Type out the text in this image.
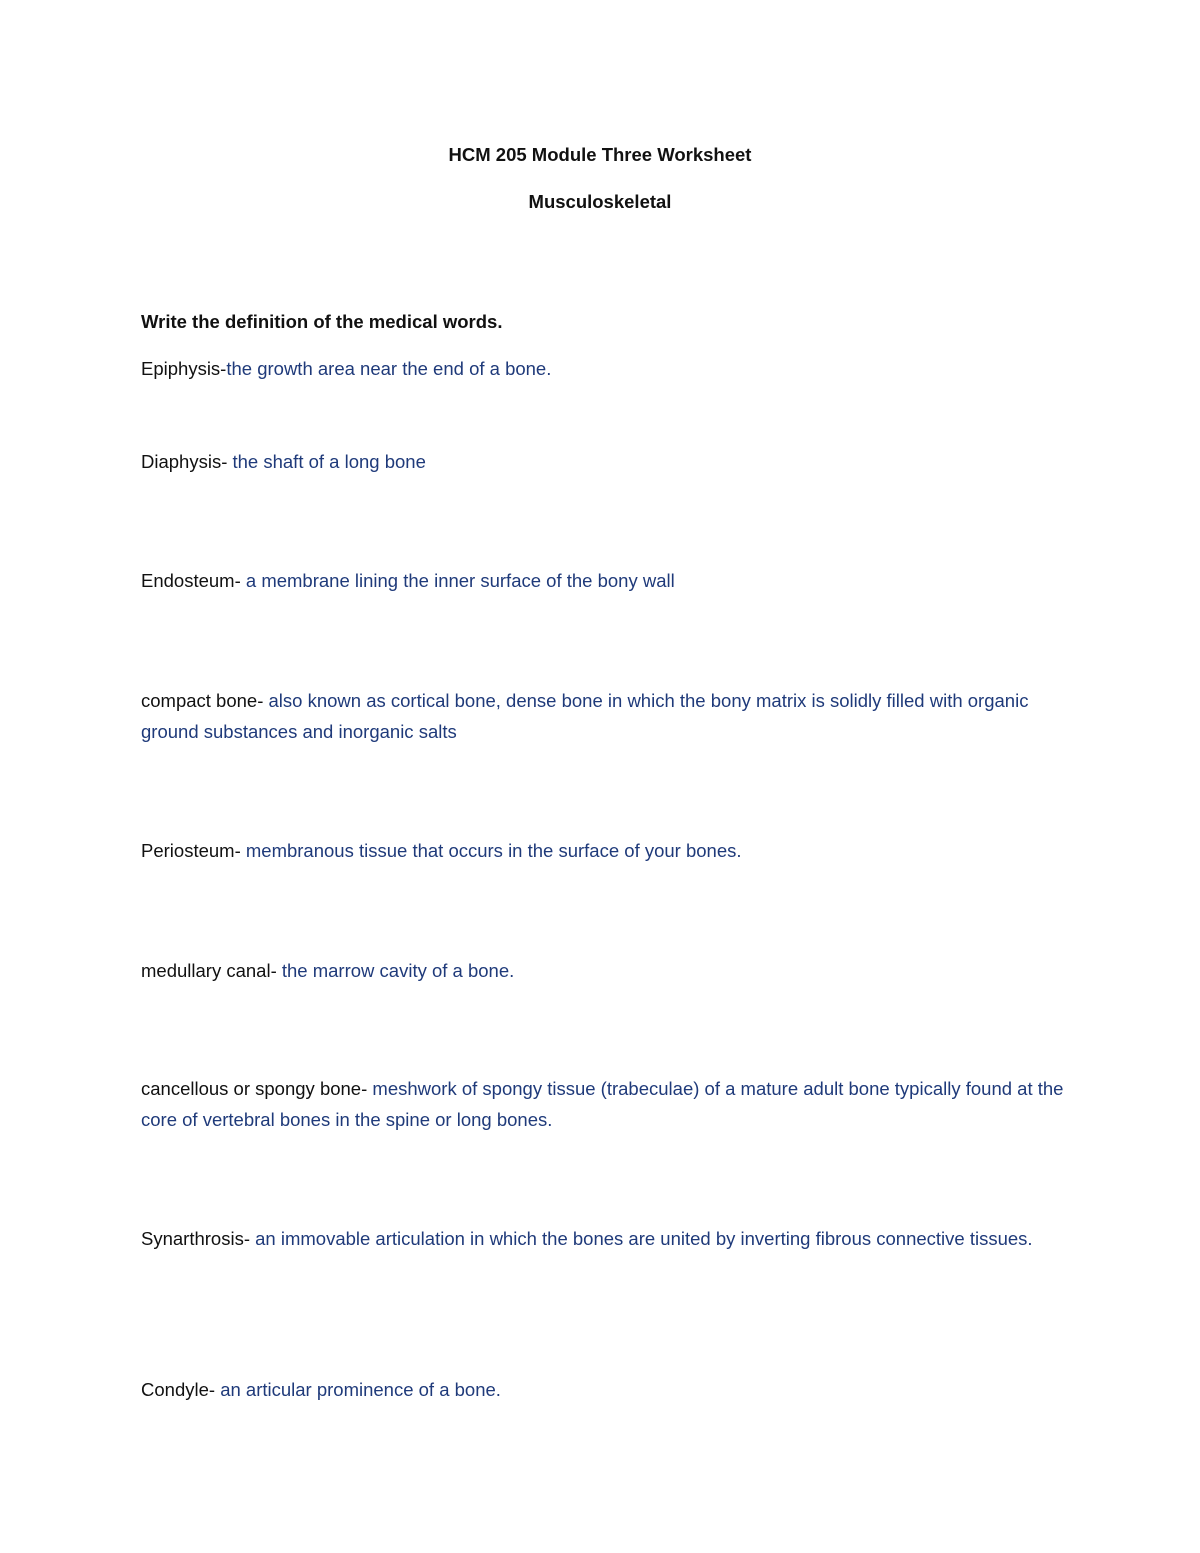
HCM 205 Module Three Worksheet
Musculoskeletal
Write the definition of the medical words.
Epiphysis-the growth area near the end of a bone.
Diaphysis- the shaft of a long bone
Endosteum- a membrane lining the inner surface of the bony wall
compact bone- also known as cortical bone, dense bone in which the bony matrix is solidly filled with organic ground substances and inorganic salts
Periosteum- membranous tissue that occurs in the surface of your bones.
medullary canal- the marrow cavity of a bone.
cancellous or spongy bone- meshwork of spongy tissue (trabeculae) of a mature adult bone typically found at the core of vertebral bones in the spine or long bones.
Synarthrosis- an immovable articulation in which the bones are united by inverting fibrous connective tissues.
Condyle- an articular prominence of a bone.
